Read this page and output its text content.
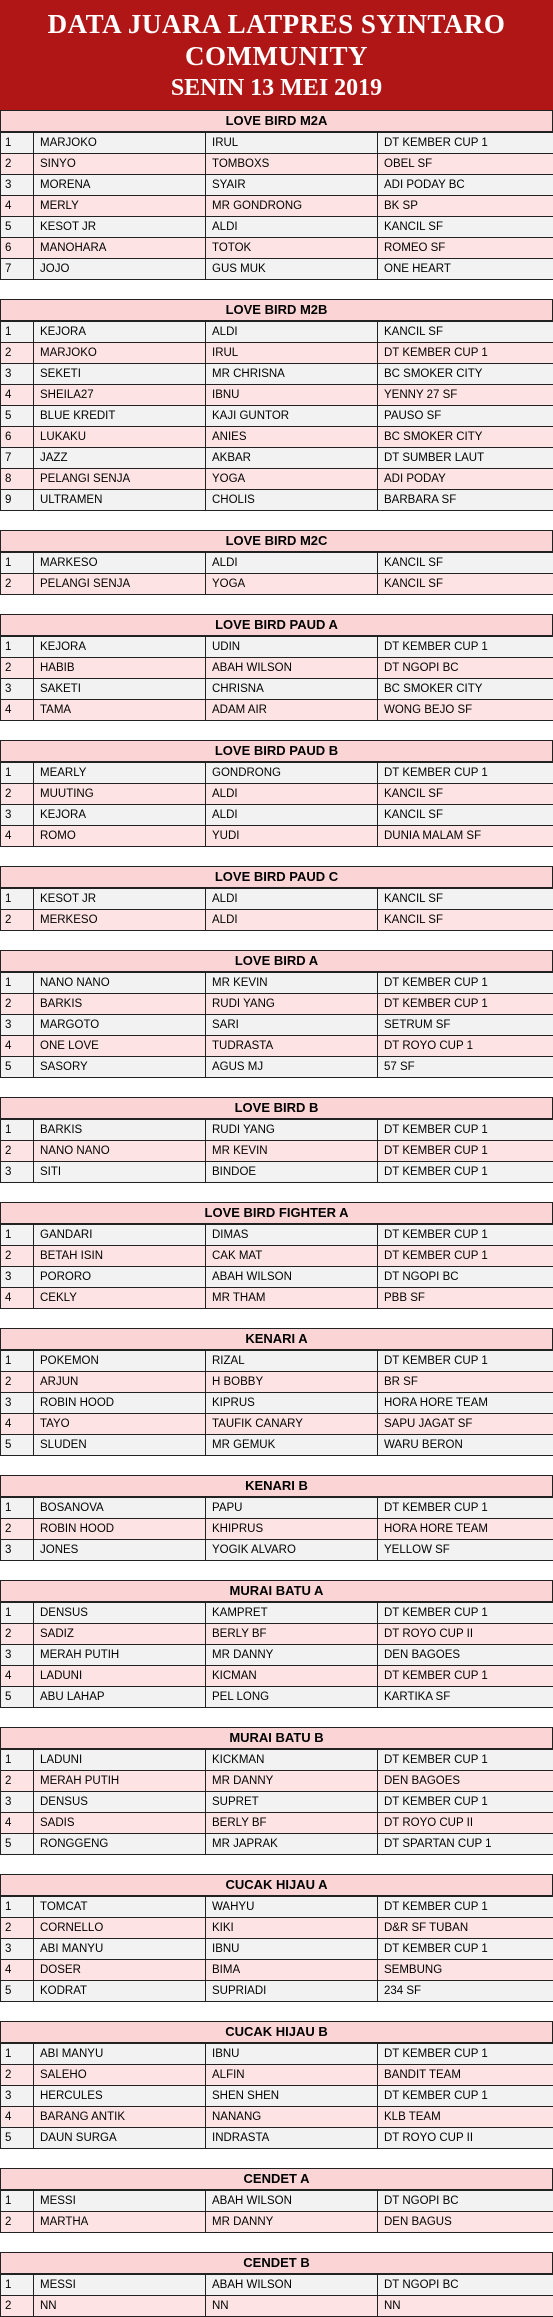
DATA JUARA LATPRES SYINTARO COMMUNITY
SENIN 13 MEI 2019
LOVE BIRD M2A
1	MARJOKO	IRUL	DT KEMBER CUP 1
2	SINYO	TOMBOXS	OBEL SF
3	MORENA	SYAIR	ADI PODAY BC
4	MERLY	MR GONDRONG	BK SP
5	KESOT JR	ALDI	KANCIL SF
6	MANOHARA	TOTOK	ROMEO SF
7	JOJO	GUS MUK	ONE HEART
LOVE BIRD M2B
1	KEJORA	ALDI	KANCIL SF
2	MARJOKO	IRUL	DT KEMBER CUP 1
3	SEKETI	MR CHRISNA	BC SMOKER CITY
4	SHEILA27	IBNU	YENNY 27 SF
5	BLUE KREDIT	KAJI GUNTOR	PAUSO SF
6	LUKAKU	ANIES	BC SMOKER CITY
7	JAZZ	AKBAR	DT SUMBER LAUT
8	PELANGI SENJA	YOGA	ADI PODAY
9	ULTRAMEN	CHOLIS	BARBARA SF
LOVE BIRD M2C
1	MARKESO	ALDI	KANCIL SF
2	PELANGI SENJA	YOGA	KANCIL SF
LOVE BIRD PAUD A
1	KEJORA	UDIN	DT KEMBER CUP 1
2	HABIB	ABAH WILSON	DT NGOPI BC
3	SAKETI	CHRISNA	BC SMOKER CITY
4	TAMA	ADAM AIR	WONG BEJO SF
LOVE BIRD PAUD B
1	MEARLY	GONDRONG	DT KEMBER CUP 1
2	MUUTING	ALDI	KANCIL SF
3	KEJORA	ALDI	KANCIL SF
4	ROMO	YUDI	DUNIA MALAM SF
LOVE BIRD PAUD C
1	KESOT JR	ALDI	KANCIL SF
2	MERKESO	ALDI	KANCIL SF
LOVE BIRD A
1	NANO NANO	MR KEVIN	DT KEMBER CUP 1
2	BARKIS	RUDI YANG	DT KEMBER CUP 1
3	MARGOTO	SARI	SETRUM SF
4	ONE LOVE	TUDRASTA	DT ROYO CUP 1
5	SASORY	AGUS MJ	57 SF
LOVE BIRD B
1	BARKIS	RUDI YANG	DT KEMBER CUP 1
2	NANO NANO	MR KEVIN	DT KEMBER CUP 1
3	SITI	BINDOE	DT KEMBER CUP 1
LOVE BIRD FIGHTER A
1	GANDARI	DIMAS	DT KEMBER CUP 1
2	BETAH ISIN	CAK MAT	DT KEMBER CUP 1
3	PORORO	ABAH WILSON	DT NGOPI BC
4	CEKLY	MR THAM	PBB SF
KENARI A
1	POKEMON	RIZAL	DT KEMBER CUP 1
2	ARJUN	H BOBBY	BR SF
3	ROBIN HOOD	KIPRUS	HORA HORE TEAM
4	TAYO	TAUFIK CANARY	SAPU JAGAT SF
5	SLUDEN	MR GEMUK	WARU BERON
KENARI B
1	BOSANOVA	PAPU	DT KEMBER CUP 1
2	ROBIN HOOD	KHIPRUS	HORA HORE TEAM
3	JONES	YOGIK ALVARO	YELLOW SF
MURAI BATU A
1	DENSUS	KAMPRET	DT KEMBER CUP 1
2	SADIZ	BERLY BF	DT ROYO CUP II
3	MERAH PUTIH	MR DANNY	DEN BAGOES
4	LADUNI	KICMAN	DT KEMBER CUP 1
5	ABU LAHAP	PEL LONG	KARTIKA SF
MURAI BATU B
1	LADUNI	KICKMAN	DT KEMBER CUP 1
2	MERAH PUTIH	MR DANNY	DEN BAGOES
3	DENSUS	SUPRET	DT KEMBER CUP 1
4	SADIS	BERLY BF	DT ROYO CUP II
5	RONGGENG	MR JAPRAK	DT SPARTAN CUP 1
CUCAK HIJAU A
1	TOMCAT	WAHYU	DT KEMBER CUP 1
2	CORNELLO	KIKI	D&R SF TUBAN
3	ABI MANYU	IBNU	DT KEMBER CUP 1
4	DOSER	BIMA	SEMBUNG
5	KODRAT	SUPRIADI	234 SF
CUCAK HIJAU B
1	ABI MANYU	IBNU	DT KEMBER CUP 1
2	SALEHO	ALFIN	BANDIT TEAM
3	HERCULES	SHEN SHEN	DT KEMBER CUP 1
4	BARANG ANTIK	NANANG	KLB TEAM
5	DAUN SURGA	INDRASTA	DT ROYO CUP II
CENDET A
1	MESSI	ABAH WILSON	DT NGOPI BC
2	MARTHA	MR DANNY	DEN BAGUS
CENDET B
1	MESSI	ABAH WILSON	DT NGOPI BC
2	NN	NN	NN
